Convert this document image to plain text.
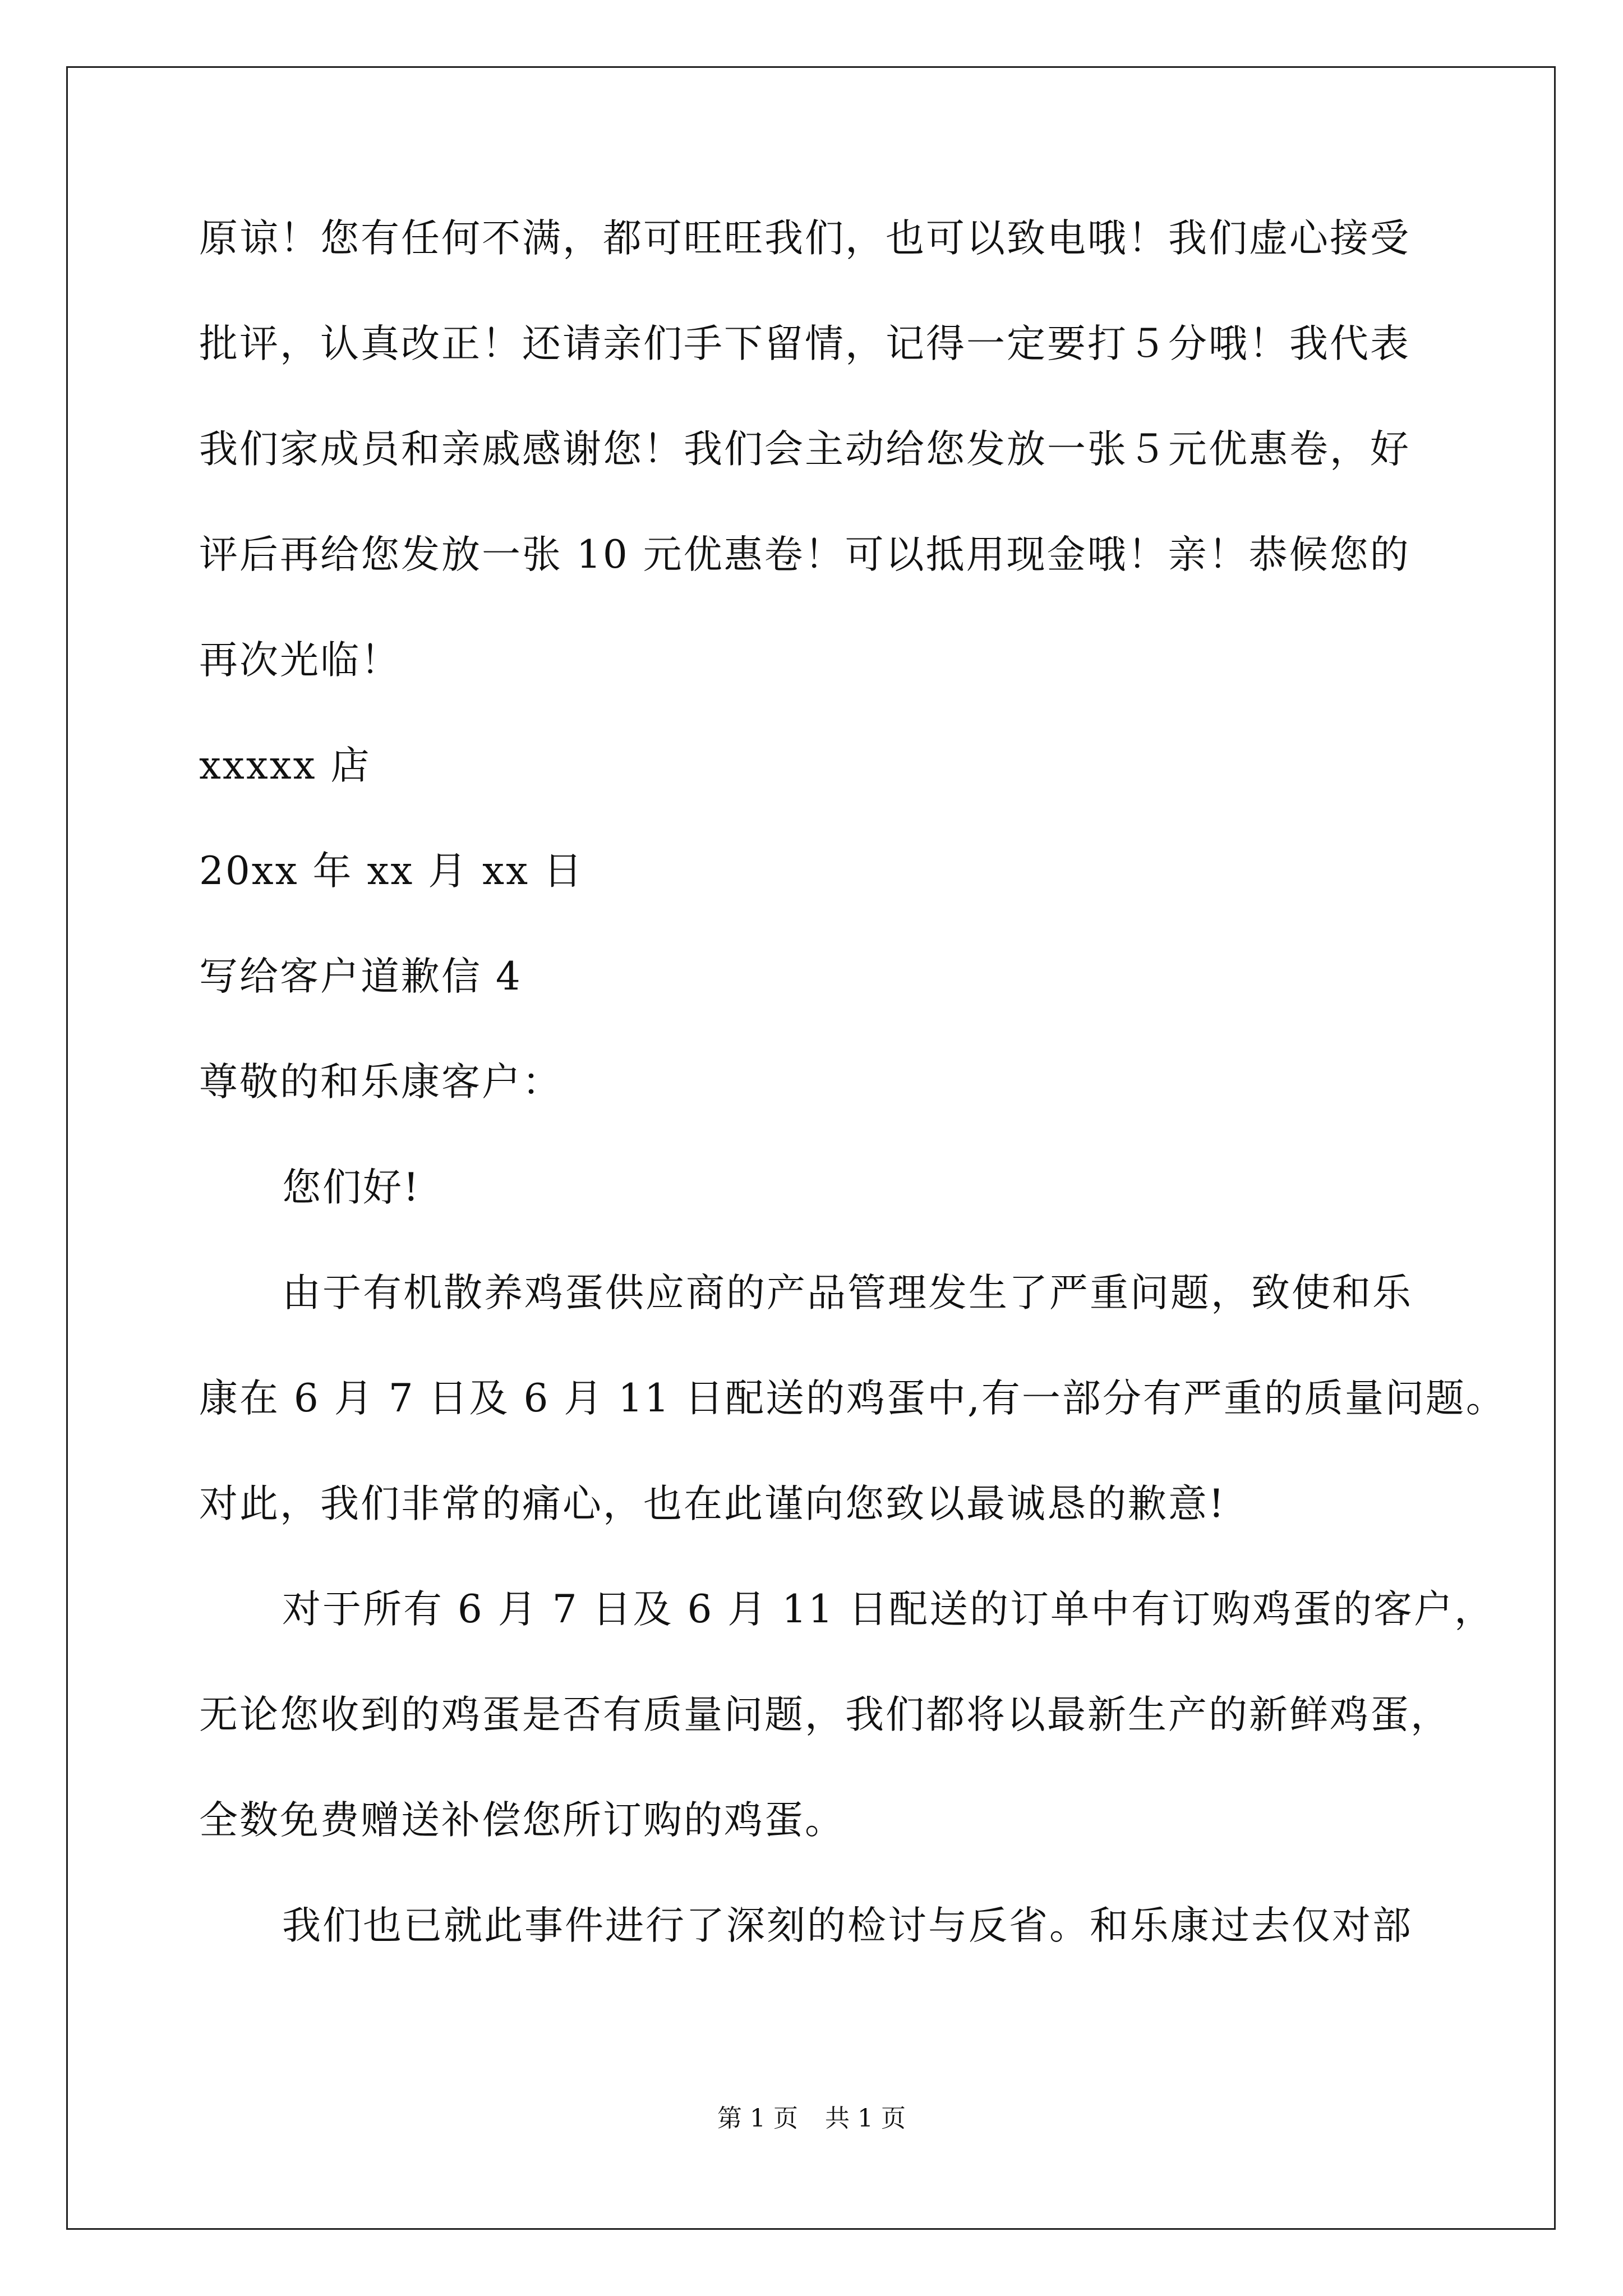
原谅！您有任何不满，都可旺旺我们，也可以致电哦！我们虚心接受
批评，认真改正！还请亲们手下留情，记得一定要打５分哦！我代表
我们家成员和亲戚感谢您！我们会主动给您发放一张５元优惠卷，好
评后再给您发放一张 10 元优惠卷！可以抵用现金哦！亲！恭候您的
再次光临！
xxxxx 店
20xx 年 xx 月 xx 日
写给客户道歉信 4
尊敬的和乐康客户：
您们好!
由于有机散养鸡蛋供应商的产品管理发生了严重问题，致使和乐
康在 6 月 7 日及 6 月 11 日配送的鸡蛋中,有一部分有严重的质量问题。
对此，我们非常的痛心，也在此谨向您致以最诚恳的歉意!
对于所有 6 月 7 日及 6 月 11 日配送的订单中有订购鸡蛋的客户，
无论您收到的鸡蛋是否有质量问题，我们都将以最新生产的新鲜鸡蛋，
全数免费赠送补偿您所订购的鸡蛋。
我们也已就此事件进行了深刻的检讨与反省。和乐康过去仅对部
第 1 页 共 1 页
